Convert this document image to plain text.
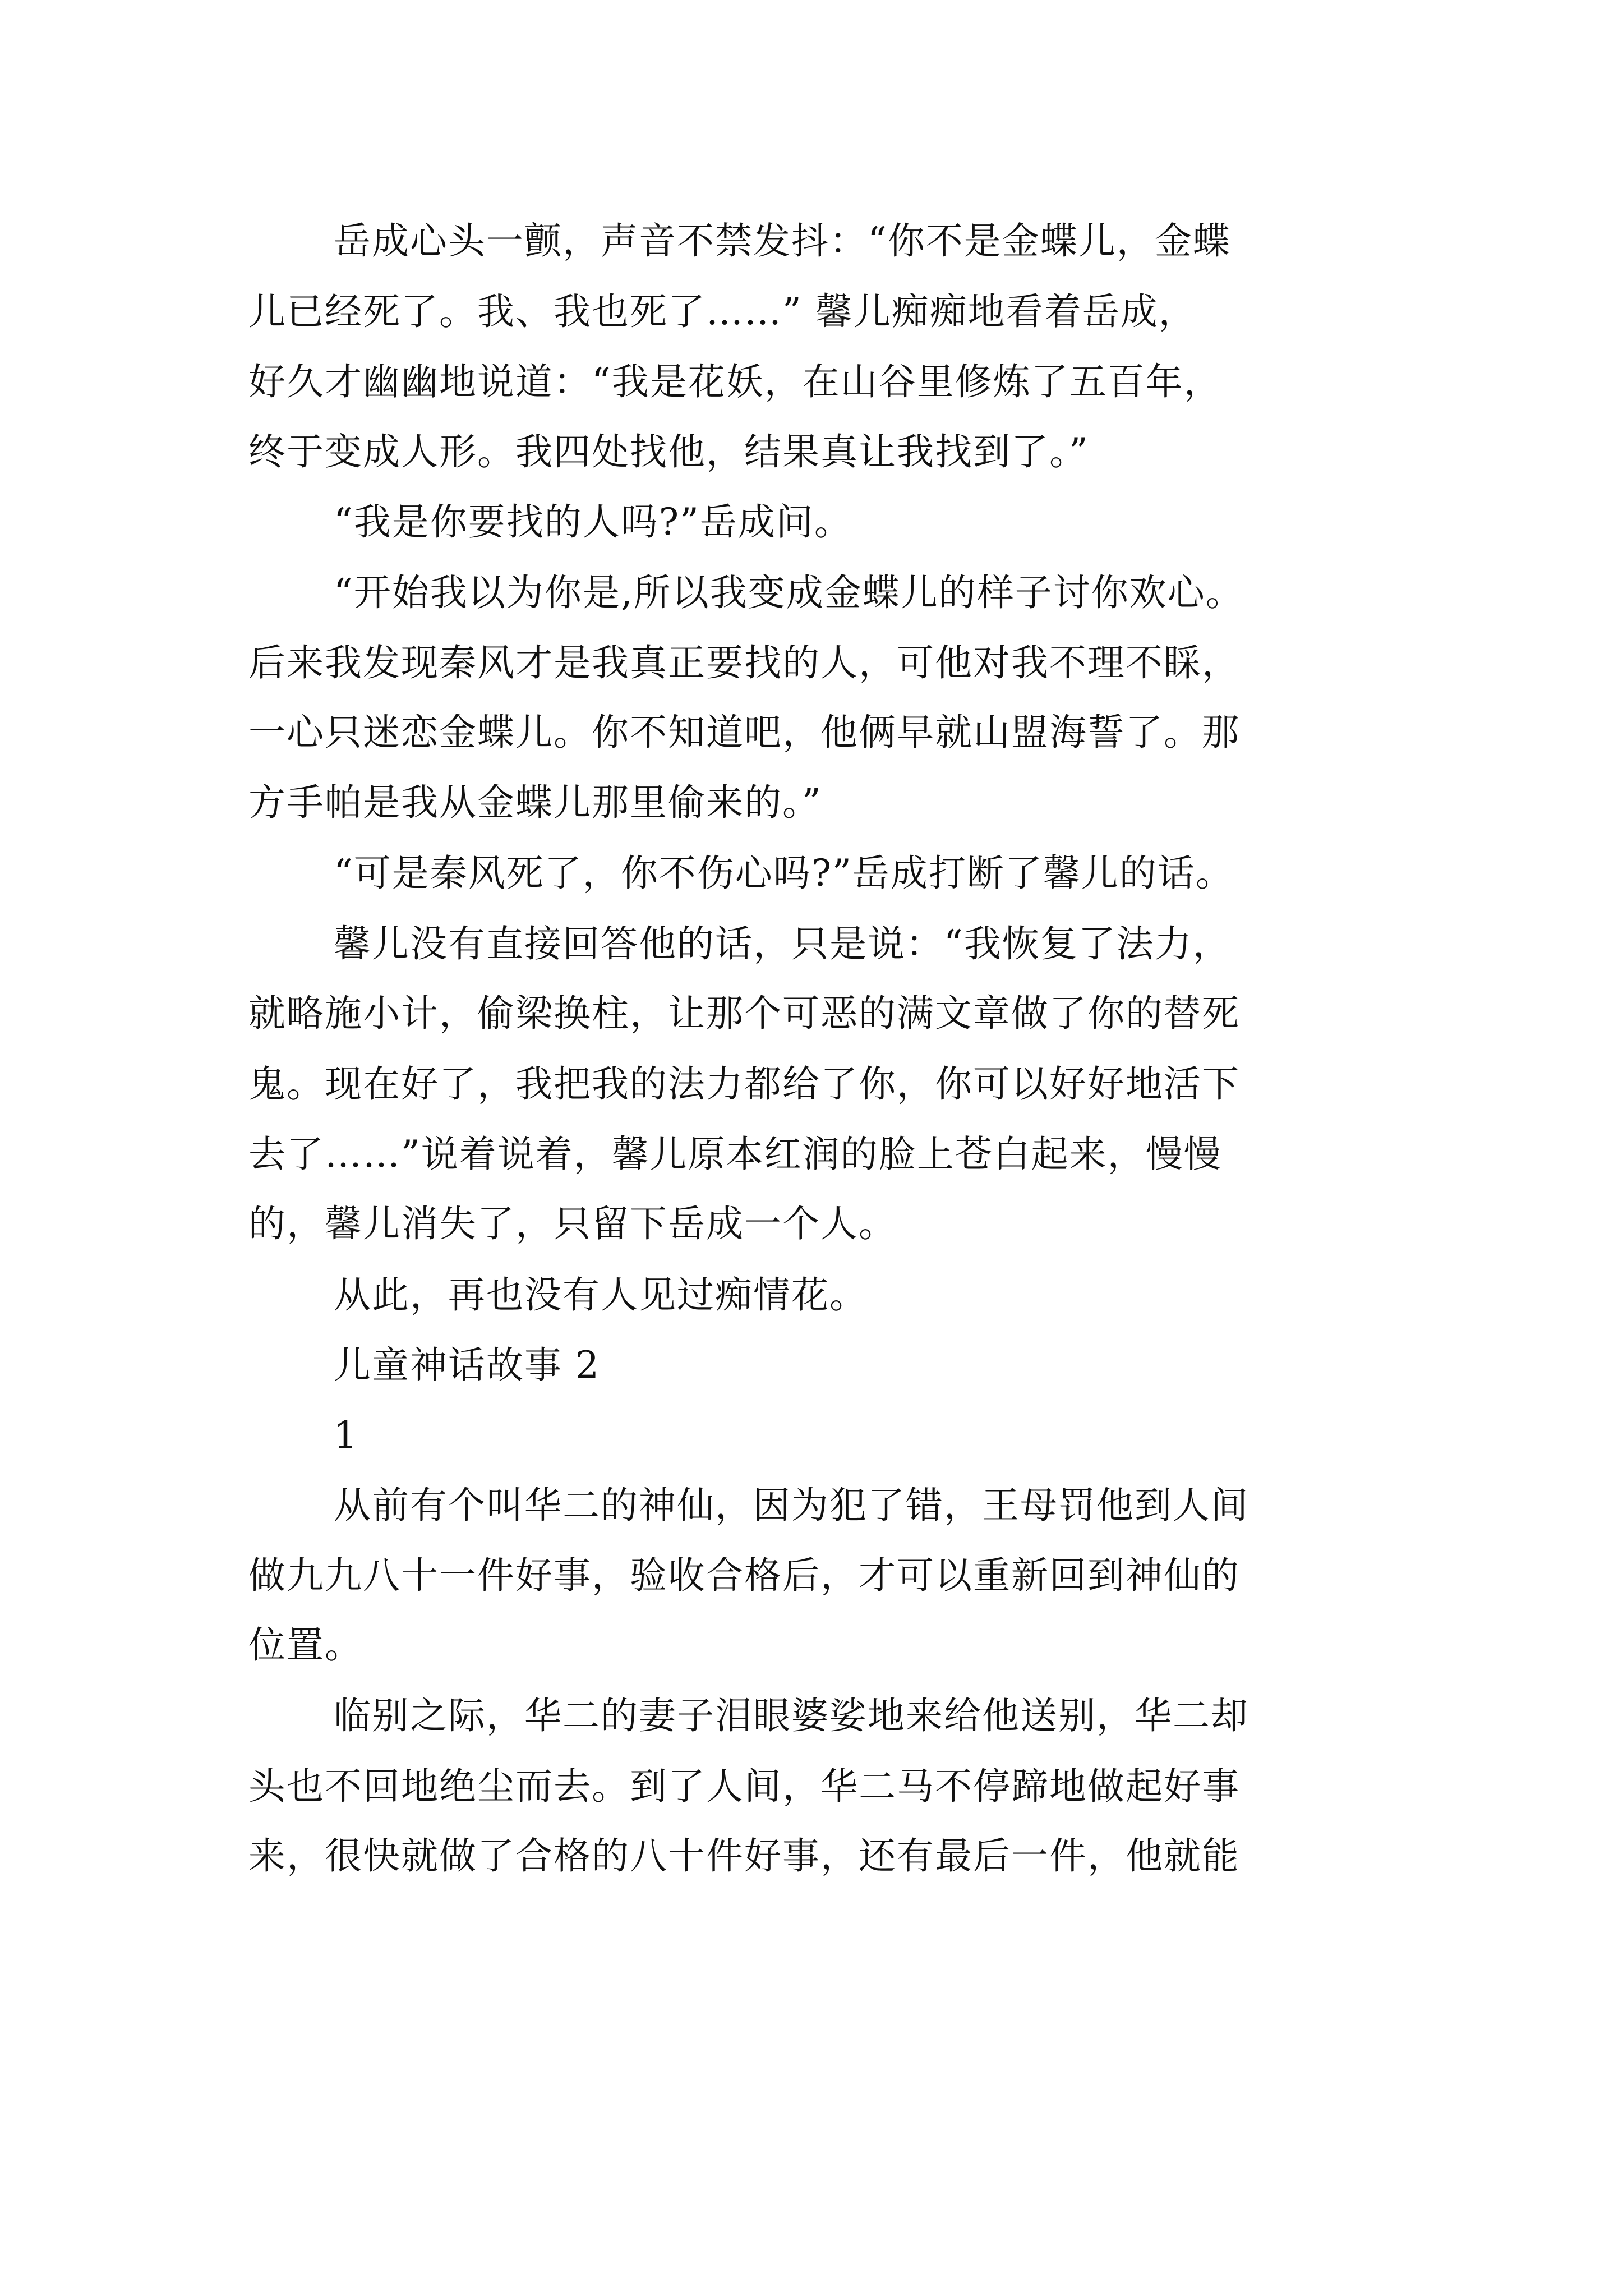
岳成心头一颤，声音不禁发抖：“你不是金蝶儿，金蝶
儿已经死了。我、我也死了……” 馨儿痴痴地看着岳成，
好久才幽幽地说道：“我是花妖，在山谷里修炼了五百年，
终于变成人形。我四处找他，结果真让我找到了。”
“我是你要找的人吗?”岳成问。
“开始我以为你是,所以我变成金蝶儿的样子讨你欢心。
后来我发现秦风才是我真正要找的人，可他对我不理不睬，
一心只迷恋金蝶儿。你不知道吧，他俩早就山盟海誓了。那
方手帕是我从金蝶儿那里偷来的。”
“可是秦风死了，你不伤心吗?”岳成打断了馨儿的话。
馨儿没有直接回答他的话，只是说：“我恢复了法力，
就略施小计，偷梁换柱，让那个可恶的满文章做了你的替死
鬼。现在好了，我把我的法力都给了你，你可以好好地活下
去了……”说着说着，馨儿原本红润的脸上苍白起来，慢慢
的，馨儿消失了，只留下岳成一个人。
从此，再也没有人见过痴情花。
儿童神话故事 2
1
从前有个叫华二的神仙，因为犯了错，王母罚他到人间
做九九八十一件好事，验收合格后，才可以重新回到神仙的
位置。
临别之际，华二的妻子泪眼婆娑地来给他送别，华二却
头也不回地绝尘而去。到了人间，华二马不停蹄地做起好事
来，很快就做了合格的八十件好事，还有最后一件，他就能
